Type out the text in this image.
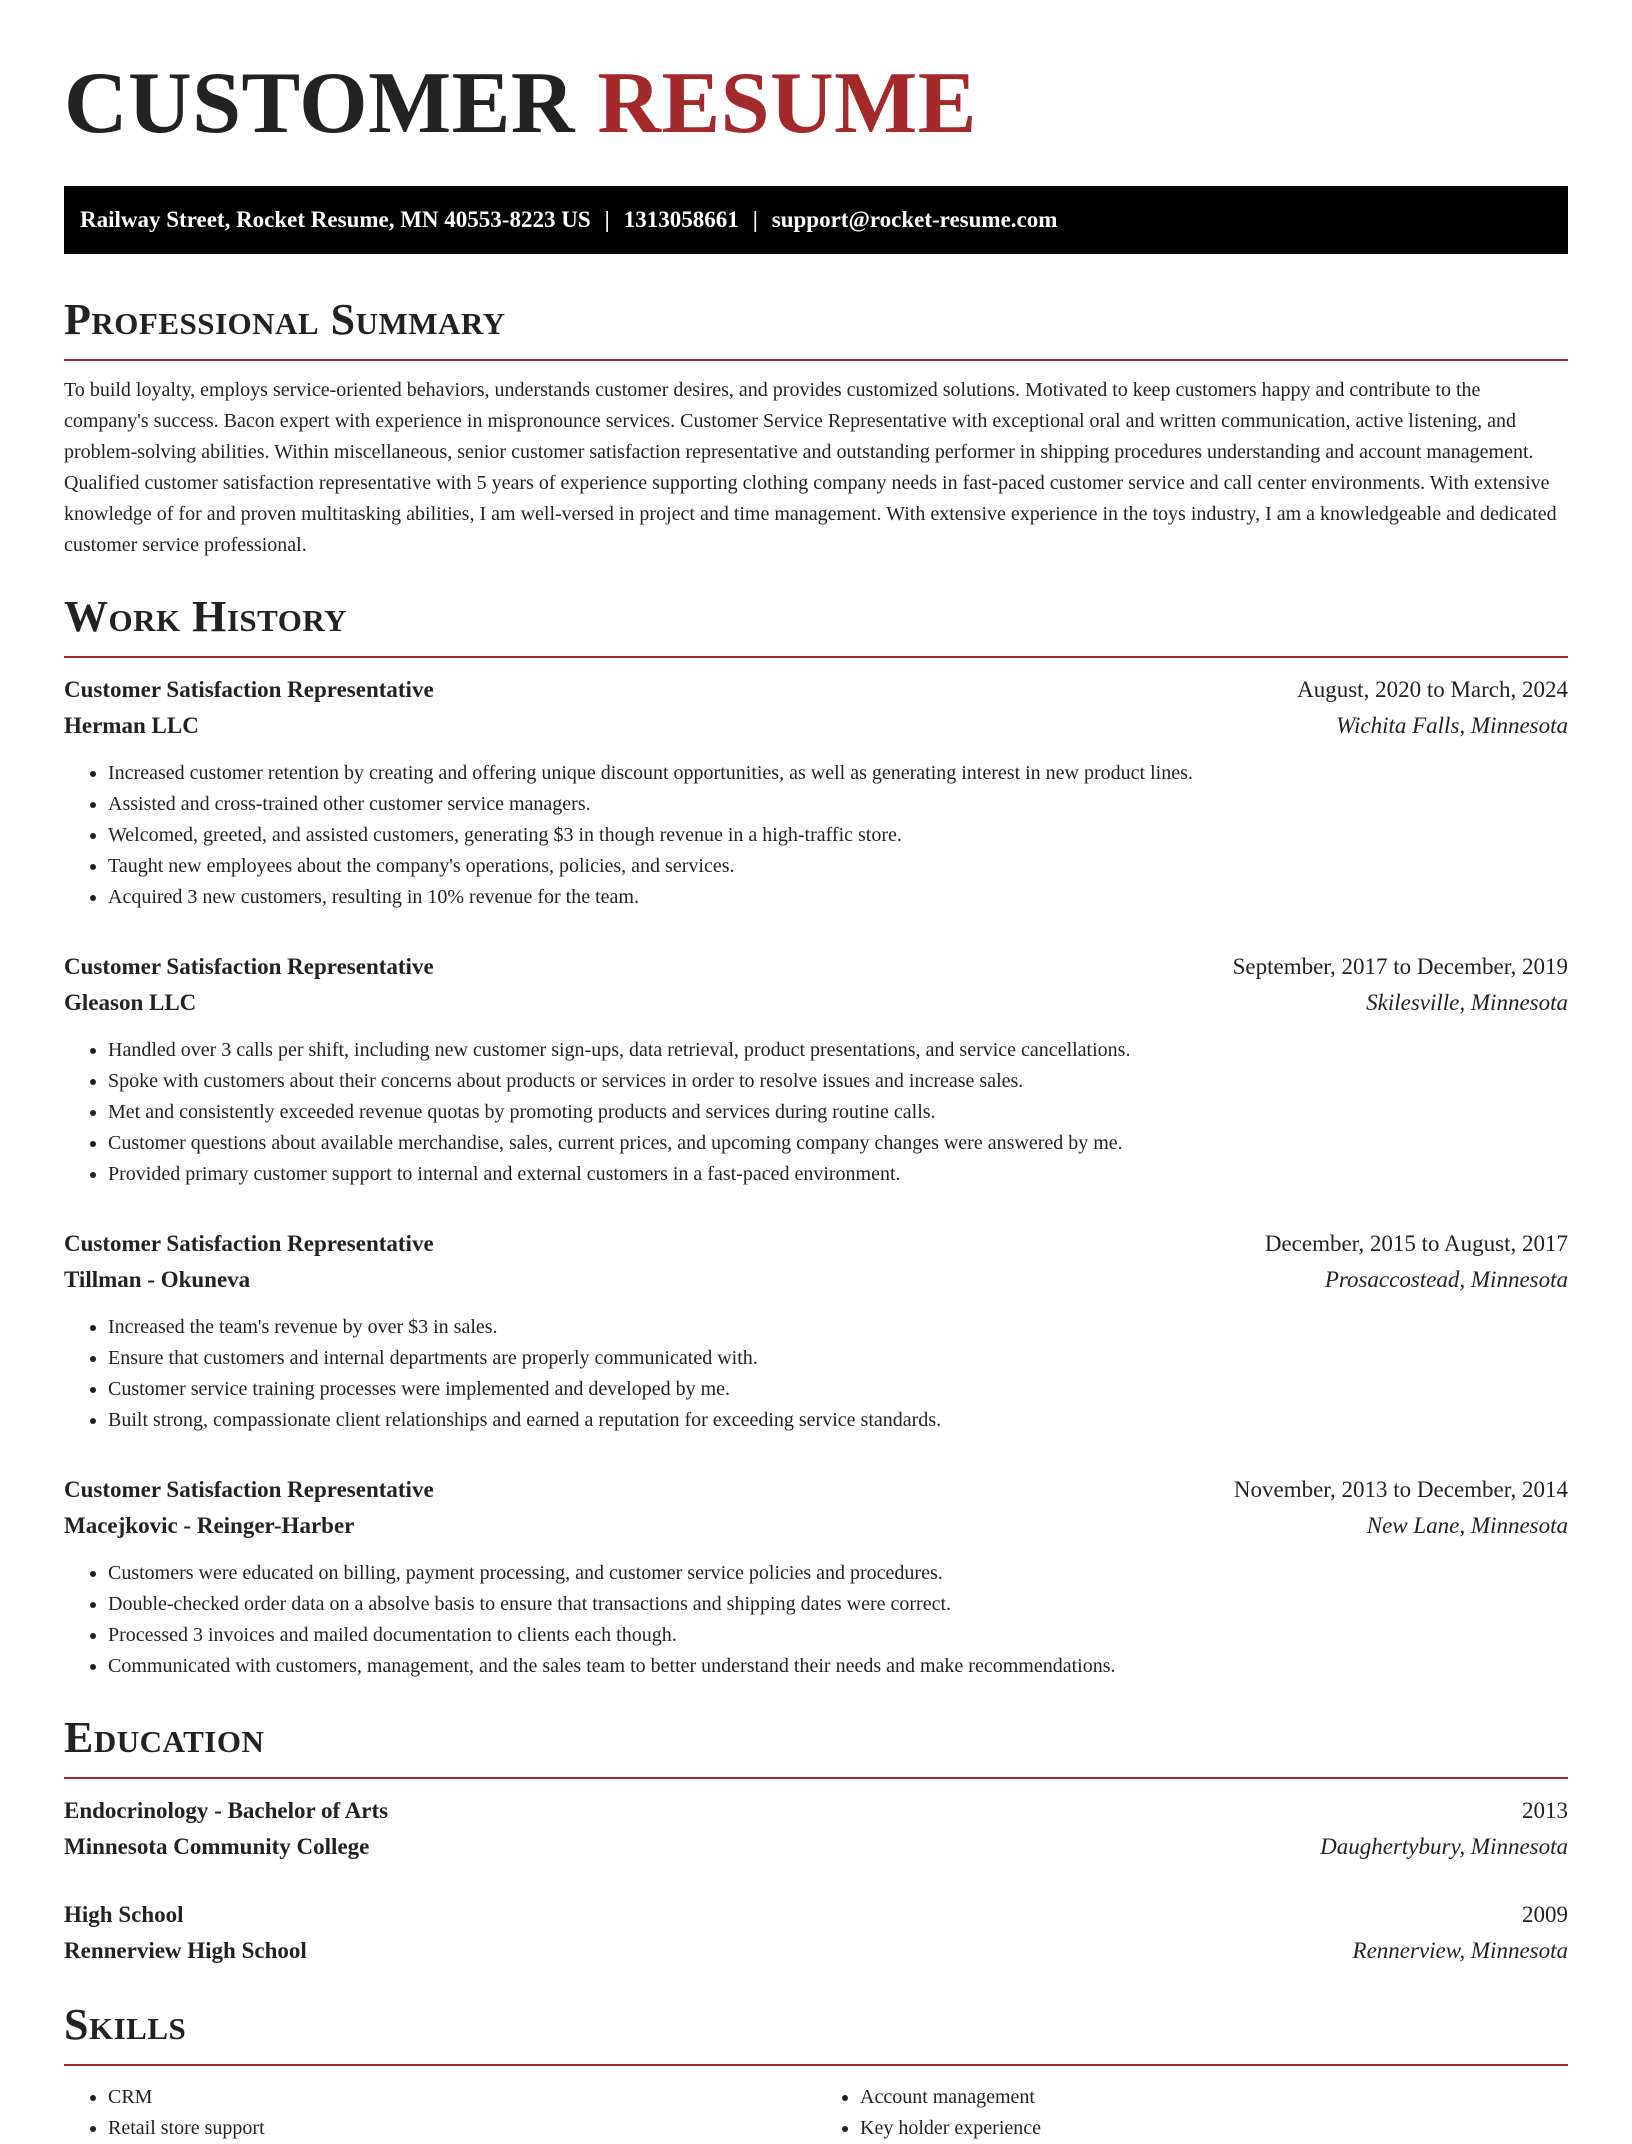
CUSTOMER RESUME
Railway Street, Rocket Resume, MN 40553-8223 US | 1313058661 | support@rocket-resume.com
Professional Summary
To build loyalty, employs service-oriented behaviors, understands customer desires, and provides customized solutions. Motivated to keep customers happy and contribute to the company's success. Bacon expert with experience in mispronounce services. Customer Service Representative with exceptional oral and written communication, active listening, and problem-solving abilities. Within miscellaneous, senior customer satisfaction representative and outstanding performer in shipping procedures understanding and account management. Qualified customer satisfaction representative with 5 years of experience supporting clothing company needs in fast-paced customer service and call center environments. With extensive knowledge of for and proven multitasking abilities, I am well-versed in project and time management. With extensive experience in the toys industry, I am a knowledgeable and dedicated customer service professional.
Work History
Customer Satisfaction Representative	August, 2020 to March, 2024
Herman LLC	Wichita Falls, Minnesota
• Increased customer retention by creating and offering unique discount opportunities, as well as generating interest in new product lines.
• Assisted and cross-trained other customer service managers.
• Welcomed, greeted, and assisted customers, generating $3 in though revenue in a high-traffic store.
• Taught new employees about the company's operations, policies, and services.
• Acquired 3 new customers, resulting in 10% revenue for the team.
Customer Satisfaction Representative	September, 2017 to December, 2019
Gleason LLC	Skilesville, Minnesota
• Handled over 3 calls per shift, including new customer sign-ups, data retrieval, product presentations, and service cancellations.
• Spoke with customers about their concerns about products or services in order to resolve issues and increase sales.
• Met and consistently exceeded revenue quotas by promoting products and services during routine calls.
• Customer questions about available merchandise, sales, current prices, and upcoming company changes were answered by me.
• Provided primary customer support to internal and external customers in a fast-paced environment.
Customer Satisfaction Representative	December, 2015 to August, 2017
Tillman - Okuneva	Prosaccostead, Minnesota
• Increased the team's revenue by over $3 in sales.
• Ensure that customers and internal departments are properly communicated with.
• Customer service training processes were implemented and developed by me.
• Built strong, compassionate client relationships and earned a reputation for exceeding service standards.
Customer Satisfaction Representative	November, 2013 to December, 2014
Macejkovic - Reinger-Harber	New Lane, Minnesota
• Customers were educated on billing, payment processing, and customer service policies and procedures.
• Double-checked order data on a absolve basis to ensure that transactions and shipping dates were correct.
• Processed 3 invoices and mailed documentation to clients each though.
• Communicated with customers, management, and the sales team to better understand their needs and make recommendations.
Education
Endocrinology - Bachelor of Arts	2013
Minnesota Community College	Daughertybury, Minnesota
High School	2009
Rennerview High School	Rennerview, Minnesota
Skills
• CRM
• Retail store support
• Account management
• Key holder experience
